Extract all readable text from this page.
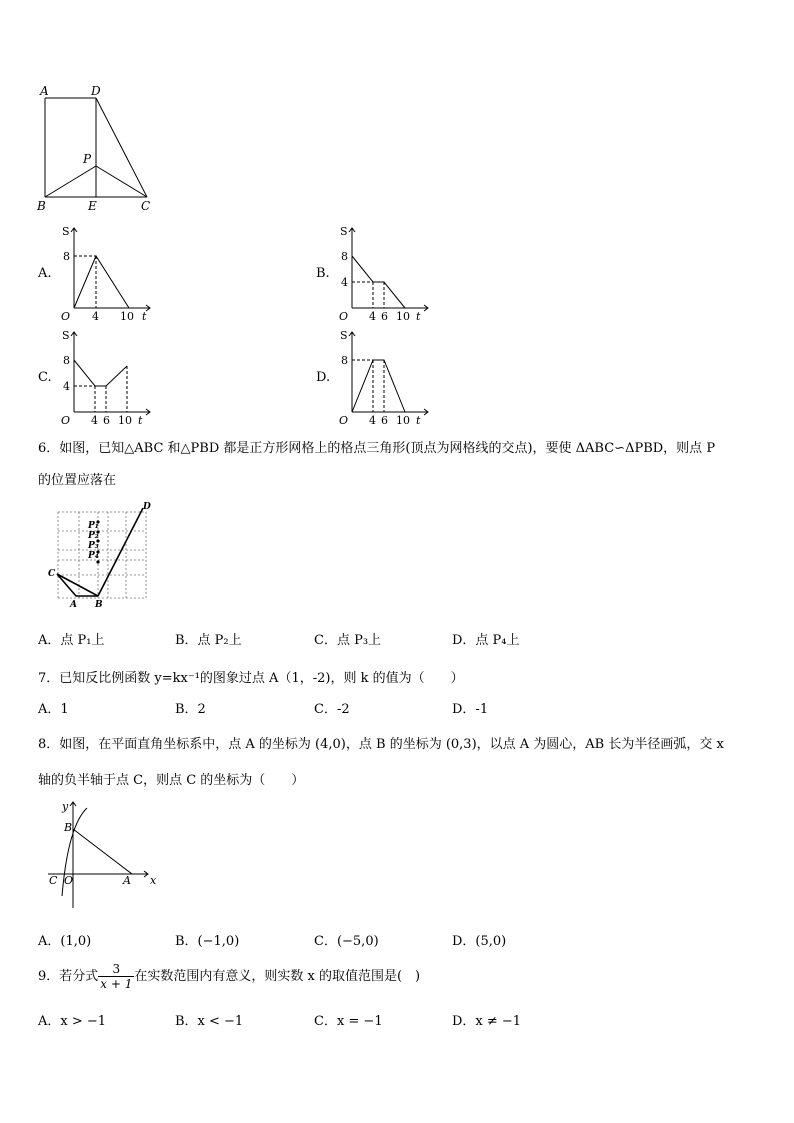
A	D
P
B	E	C
A.
S
8
O 4 10 t
B.
S
8
4
O 4 6 10 t
C.
S
8
4
O 4 6 10 t
D.
S
8
O 4 6 10 t
6．如图，已知△ABC 和△PBD 都是正方形网格上的格点三角形(顶点为网格线的交点)，要使 ΔABC∽ΔPBD，则点 P
的位置应落在
C
A B
D
P₁
P₂
P₃
P₄
A．点 P₁上	B．点 P₂上	C．点 P₃上	D．点 P₄上
7．已知反比例函数 y=kx⁻¹的图象过点 A（1，-2)，则 k 的值为（　　）
A．1	B．2	C．-2	D．-1
8．如图，在平面直角坐标系中，点 A 的坐标为 (4,0)，点 B 的坐标为 (0,3)，以点 A 为圆心，AB 长为半径画弧，交 x
轴的负半轴于点 C，则点 C 的坐标为（　　）
y
x
B
C O	A
A．(1,0)	B．(−1,0)	C．(−5,0)	D．(5,0)
9．若分式 $\frac{3}{x + 1}$ 在实数范围内有意义，则实数 x 的取值范围是(　)
A．x > −1	B．x < −1	C．x = −1	D．x ≠ −1
